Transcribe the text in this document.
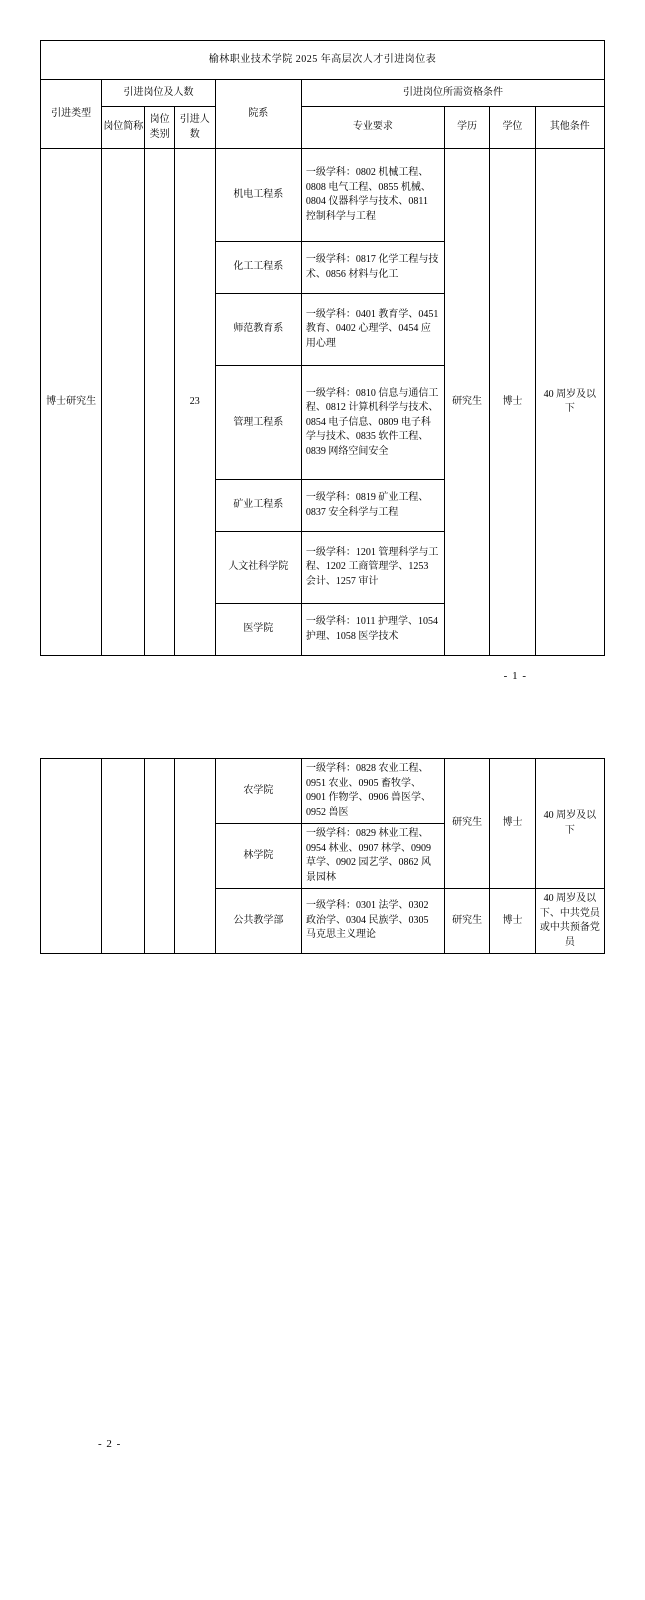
榆林职业技术学院 2025 年高层次人才引进岗位表								
引进类型	引进岗位及人数			院系	引进岗位所需资格条件			
	岗位简称	岗位类别	引进人数		专业要求	学历	学位	其他条件
博士研究生			23	机电工程系	一级学科：0802 机械工程、0808 电气工程、0855 机械、0804 仪器科学与技术、0811 控制科学与工程	研究生	博士	40 周岁及以下
				化工工程系	一级学科：0817 化学工程与技术、0856 材料与化工			
				师范教育系	一级学科：0401 教育学、0451 教育、0402 心理学、0454 应用心理			
				管理工程系	一级学科：0810 信息与通信工程、0812 计算机科学与技术、0854 电子信息、0809 电子科学与技术、0835 软件工程、0839 网络空间安全			
				矿业工程系	一级学科：0819 矿业工程、0837 安全科学与工程			
				人文社科学院	一级学科：1201 管理科学与工程、1202 工商管理学、1253 会计、1257 审计			
				医学院	一级学科：1011 护理学、1054 护理、1058 医学技术			
- 1 -
				农学院	一级学科：0828 农业工程、0951 农业、0905 畜牧学、0901 作物学、0906 兽医学、0952 兽医	研究生	博士	40 周岁及以下
				林学院	一级学科：0829 林业工程、0954 林业、0907 林学、0909 草学、0902 园艺学、0862 风景园林			
				公共教学部	一级学科：0301 法学、0302 政治学、0304 民族学、0305 马克思主义理论	研究生	博士	40 周岁及以下、中共党员或中共预备党员
- 2 -
